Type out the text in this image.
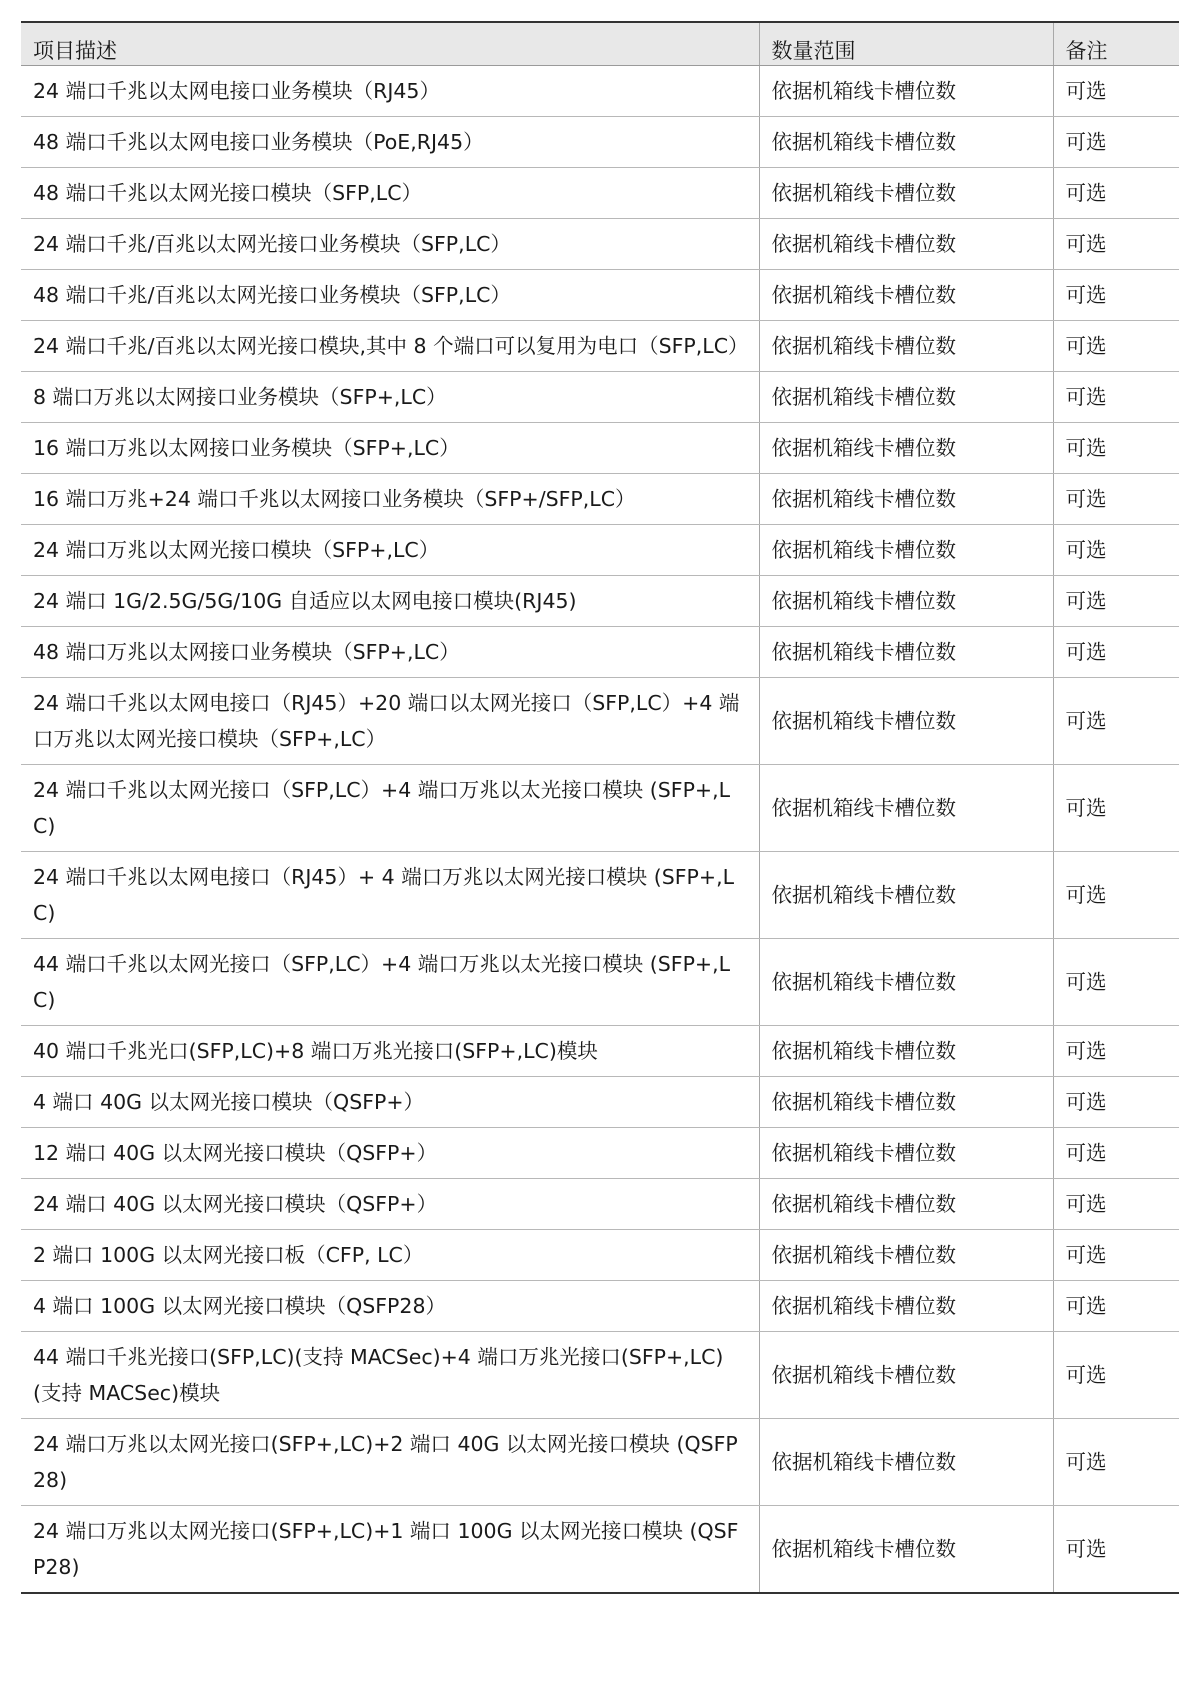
项目描述	数量范围	备注
24 端口千兆以太网电接口业务模块（RJ45）	依据机箱线卡槽位数	可选
48 端口千兆以太网电接口业务模块（PoE,RJ45）	依据机箱线卡槽位数	可选
48 端口千兆以太网光接口模块（SFP,LC）	依据机箱线卡槽位数	可选
24 端口千兆/百兆以太网光接口业务模块（SFP,LC）	依据机箱线卡槽位数	可选
48 端口千兆/百兆以太网光接口业务模块（SFP,LC）	依据机箱线卡槽位数	可选
24 端口千兆/百兆以太网光接口模块,其中 8 个端口可以复用为电口（SFP,LC）	依据机箱线卡槽位数	可选
8 端口万兆以太网接口业务模块（SFP+,LC）	依据机箱线卡槽位数	可选
16 端口万兆以太网接口业务模块（SFP+,LC）	依据机箱线卡槽位数	可选
16 端口万兆+24 端口千兆以太网接口业务模块（SFP+/SFP,LC）	依据机箱线卡槽位数	可选
24 端口万兆以太网光接口模块（SFP+,LC）	依据机箱线卡槽位数	可选
24 端口 1G/2.5G/5G/10G 自适应以太网电接口模块(RJ45)	依据机箱线卡槽位数	可选
48 端口万兆以太网接口业务模块（SFP+,LC）	依据机箱线卡槽位数	可选
24 端口千兆以太网电接口（RJ45）+20 端口以太网光接口（SFP,LC）+4 端口万兆以太网光接口模块（SFP+,LC）	依据机箱线卡槽位数	可选
24 端口千兆以太网光接口（SFP,LC）+4 端口万兆以太光接口模块 (SFP+,LC)	依据机箱线卡槽位数	可选
24 端口千兆以太网电接口（RJ45）+ 4 端口万兆以太网光接口模块 (SFP+,LC)	依据机箱线卡槽位数	可选
44 端口千兆以太网光接口（SFP,LC）+4 端口万兆以太光接口模块 (SFP+,LC)	依据机箱线卡槽位数	可选
40 端口千兆光口(SFP,LC)+8 端口万兆光接口(SFP+,LC)模块	依据机箱线卡槽位数	可选
4 端口 40G 以太网光接口模块（QSFP+）	依据机箱线卡槽位数	可选
12 端口 40G 以太网光接口模块（QSFP+）	依据机箱线卡槽位数	可选
24 端口 40G 以太网光接口模块（QSFP+）	依据机箱线卡槽位数	可选
2 端口 100G 以太网光接口板（CFP, LC）	依据机箱线卡槽位数	可选
4 端口 100G 以太网光接口模块（QSFP28）	依据机箱线卡槽位数	可选
44 端口千兆光接口(SFP,LC)(支持 MACSec)+4 端口万兆光接口(SFP+,LC)(支持 MACSec)模块	依据机箱线卡槽位数	可选
24 端口万兆以太网光接口(SFP+,LC)+2 端口 40G 以太网光接口模块 (QSFP28)	依据机箱线卡槽位数	可选
24 端口万兆以太网光接口(SFP+,LC)+1 端口 100G 以太网光接口模块 (QSFP28)	依据机箱线卡槽位数	可选
